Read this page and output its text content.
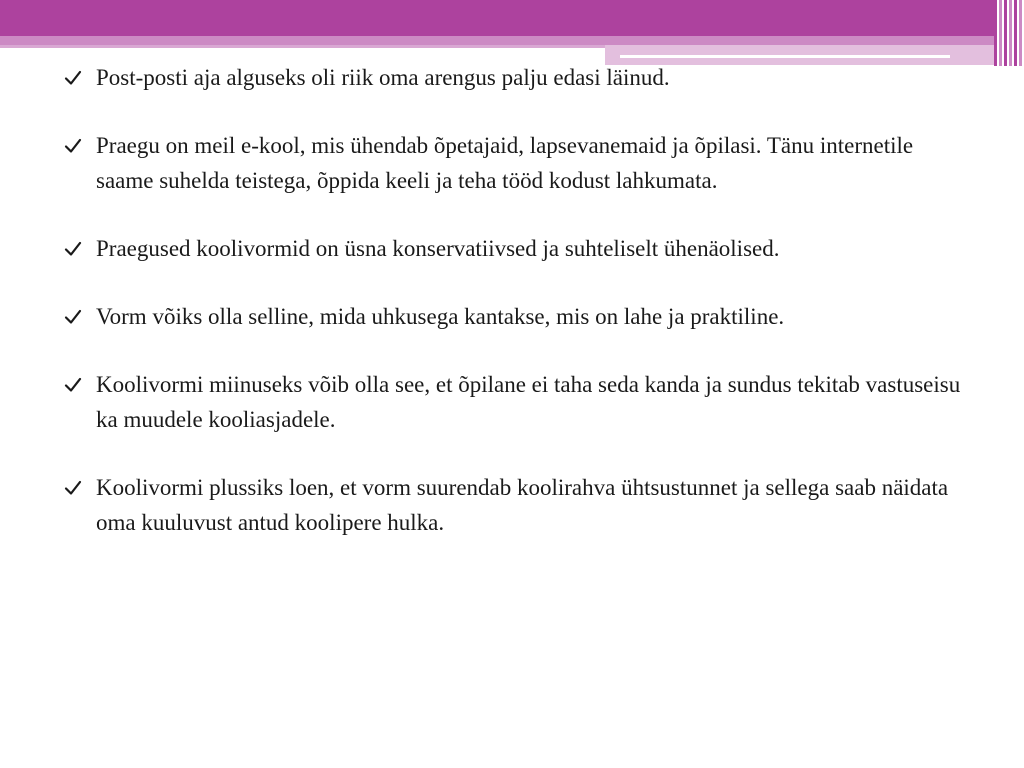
Post-posti aja alguseks oli riik oma arengus palju edasi läinud.
Praegu on meil e-kool, mis ühendab õpetajaid, lapsevanemaid ja õpilasi. Tänu internetile saame suhelda teistega, õppida keeli ja teha tööd kodust lahkumata.
Praegused koolivormid on üsna konservatiivsed ja suhteliselt ühenäolised.
Vorm võiks olla selline, mida uhkusega kantakse, mis on lahe ja praktiline.
Koolivormi miinuseks võib olla see, et õpilane ei taha seda kanda ja sundus tekitab vastuseisu ka muudele kooliasjadele.
Koolivormi plussiks loen, et vorm suurendab koolirahva ühtsustunnet ja sellega saab näidata oma kuuluvust antud koolipere hulka.
